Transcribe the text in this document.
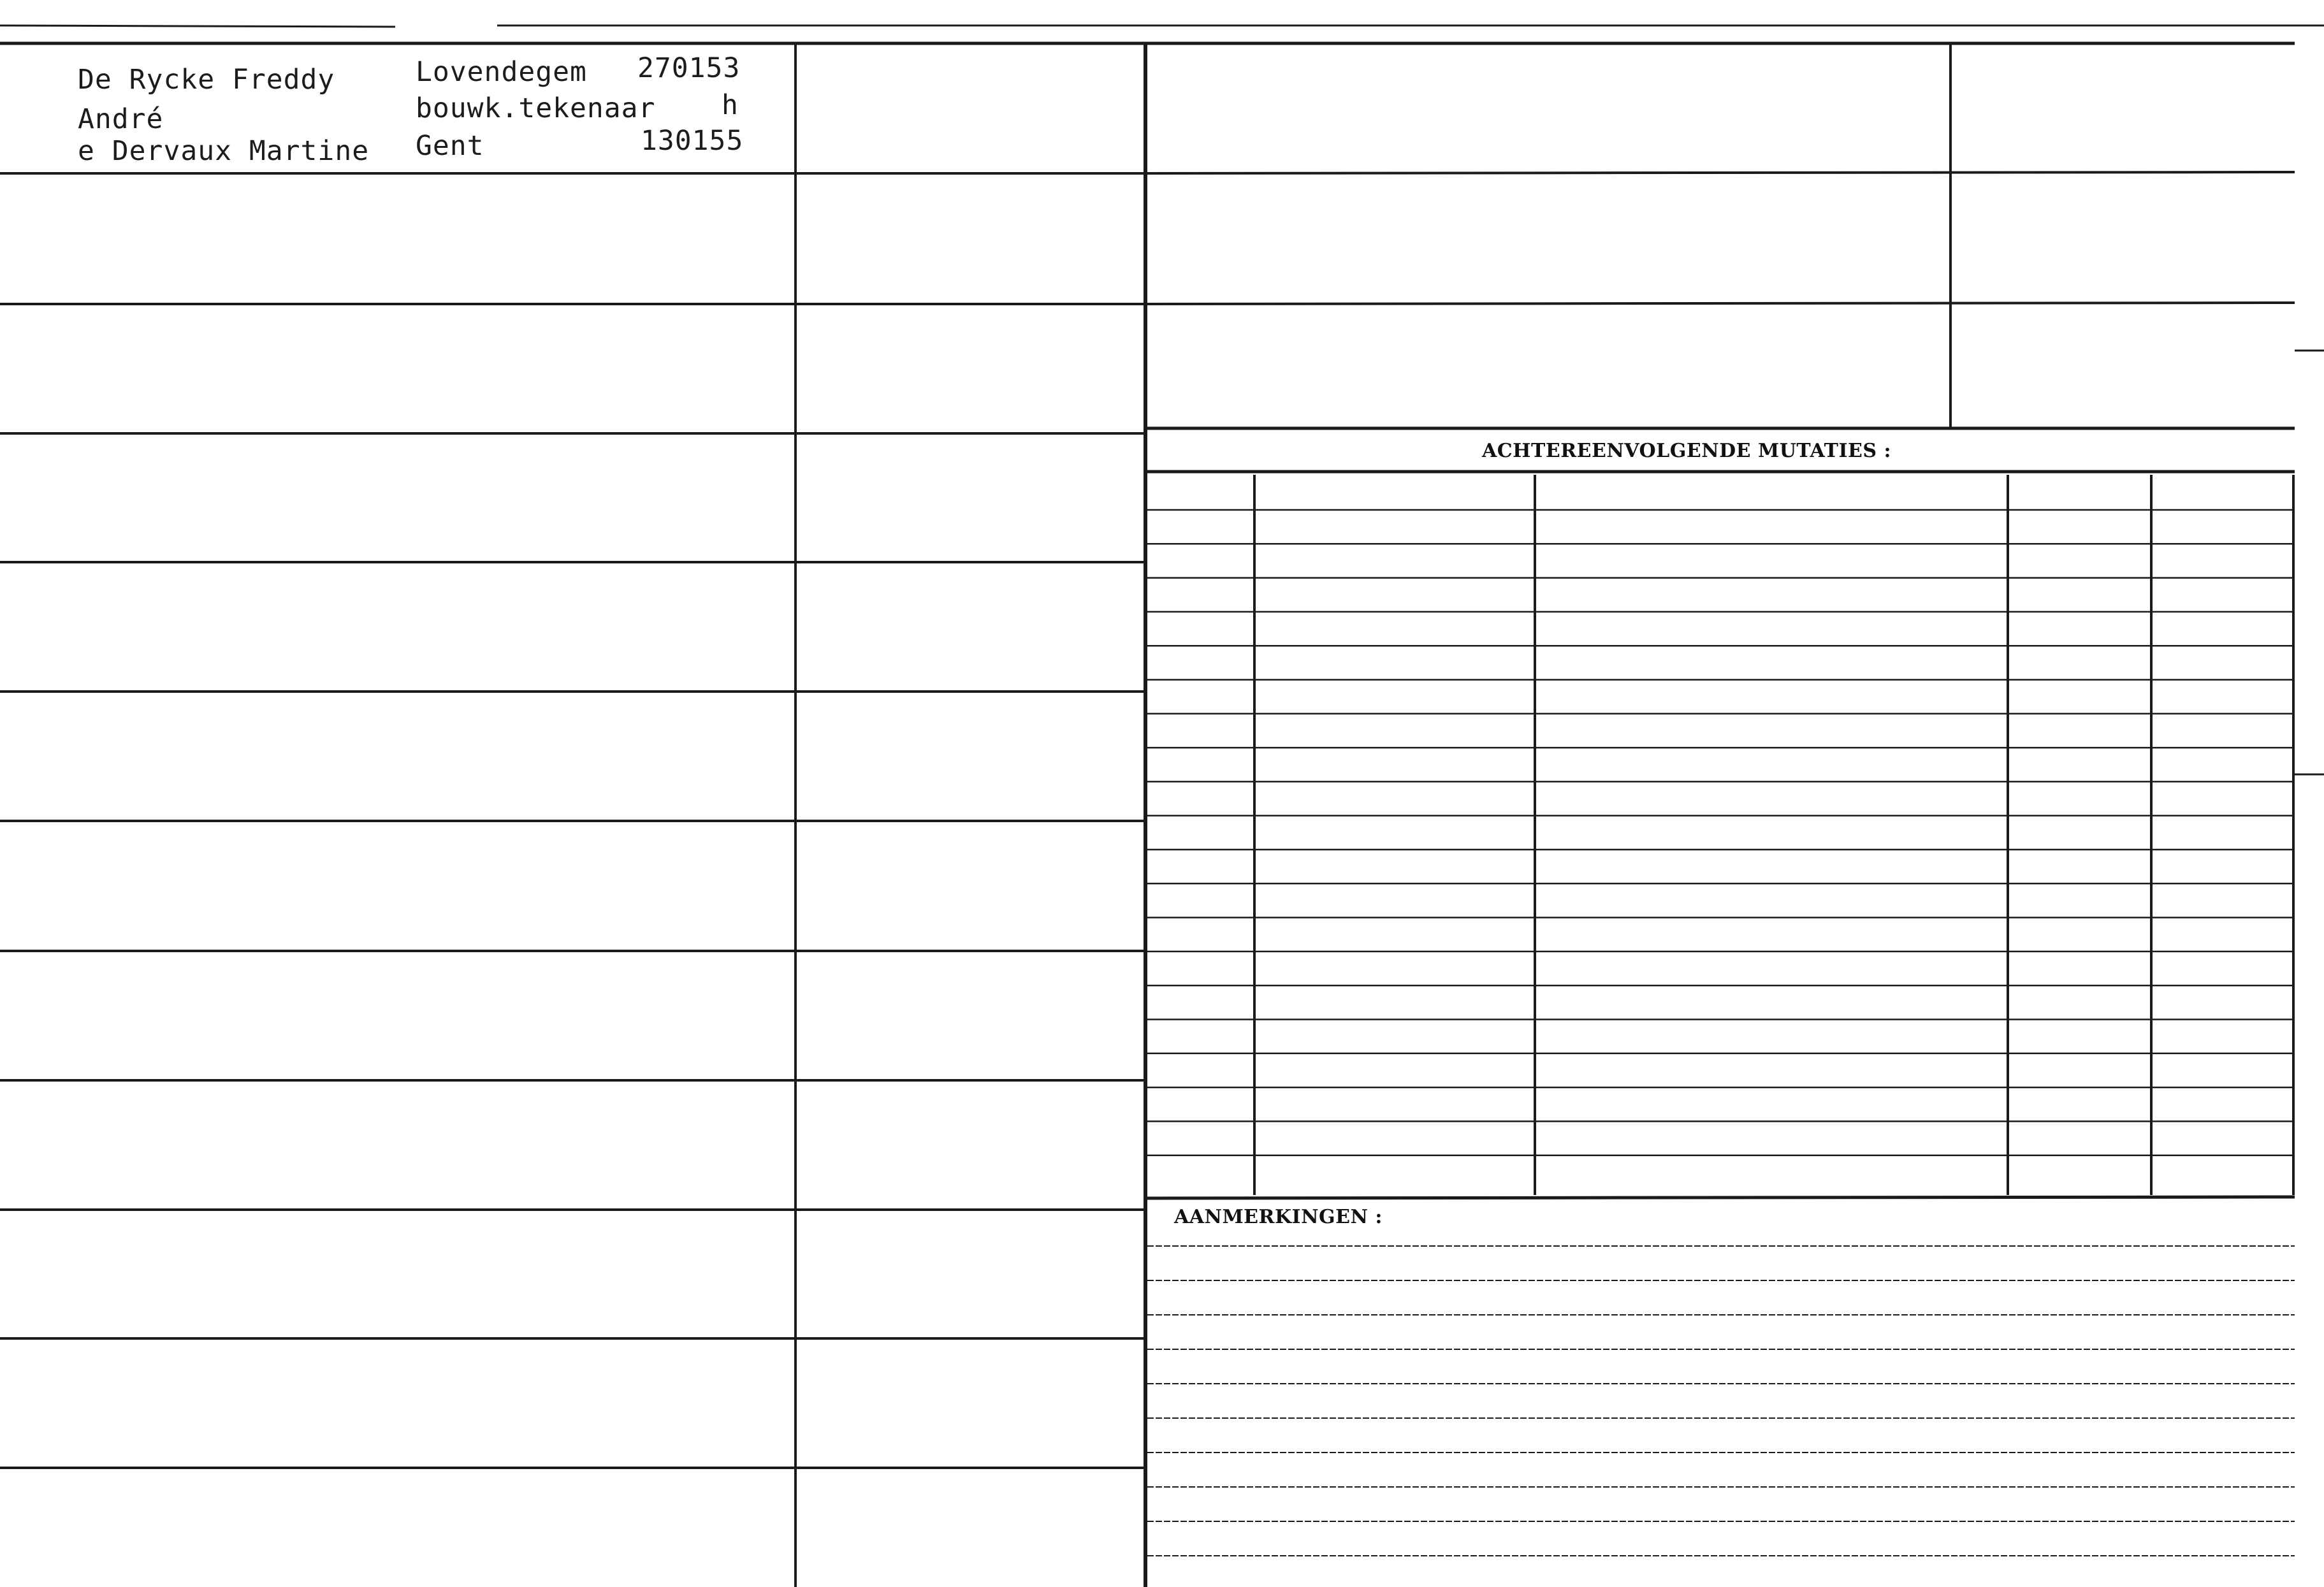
De Rycke Freddy
André
e Dervaux Martine
Lovendegem 270153
bouwk.tekenaar h
Gent	130155
ACHTEREENVOLGENDE MUTATIES :
AANMERKINGEN :
